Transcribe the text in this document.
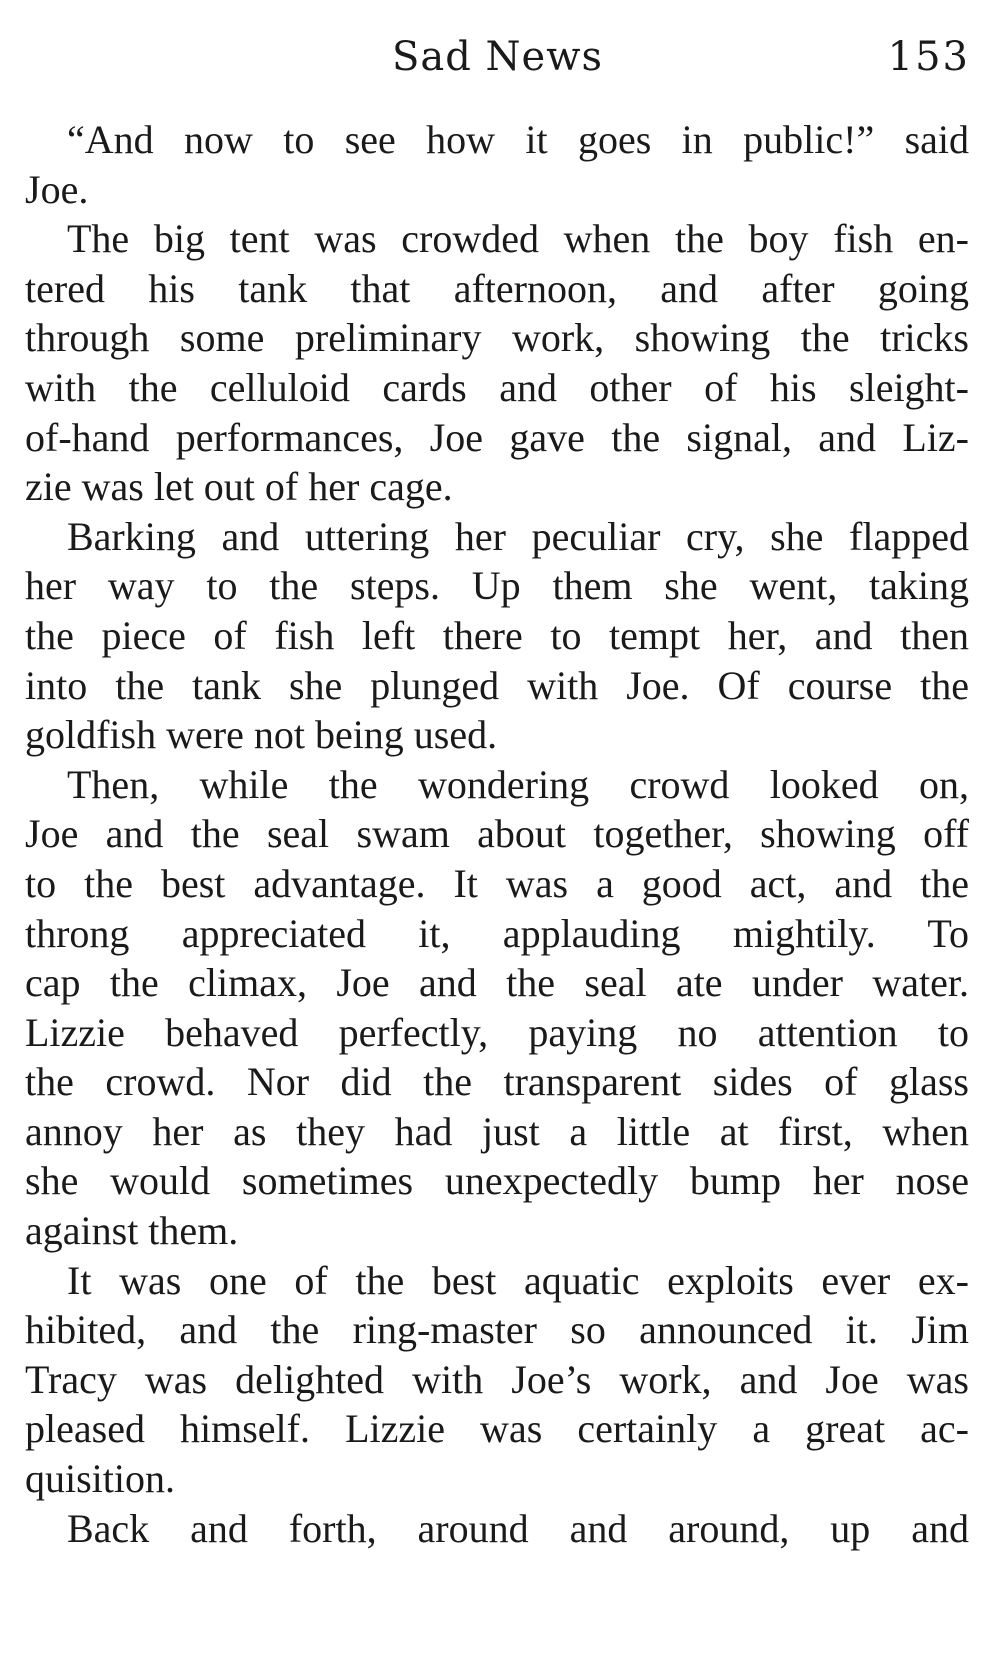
Sad News	153

“And now to see how it goes in public!” said
Joe.

The big tent was crowded when the boy fish en-
tered his tank that afternoon, and after going
through some preliminary work, showing the tricks
with the celluloid cards and other of his sleight-
of-hand performances, Joe gave the signal, and Liz-
zie was let out of her cage.

Barking and uttering her peculiar cry, she flapped
her way to the steps. Up them she went, taking
the piece of fish left there to tempt her, and then
into the tank she plunged with Joe. Of course the
goldfish were not being used.

Then, while the wondering crowd looked on,
Joe and the seal swam about together, showing off
to the best advantage. It was a good act, and the
throng appreciated it, applauding mightily. To
cap the climax, Joe and the seal ate under water.
Lizzie behaved perfectly, paying no attention to
the crowd. Nor did the transparent sides of glass
annoy her as they had just a little at first, when
she would sometimes unexpectedly bump her nose
against them.

It was one of the best aquatic exploits ever ex-
hibited, and the ring-master so announced it. Jim
Tracy was delighted with Joe’s work, and Joe was
pleased himself. Lizzie was certainly a great ac-
quisition.

Back and forth, around and around, up and
